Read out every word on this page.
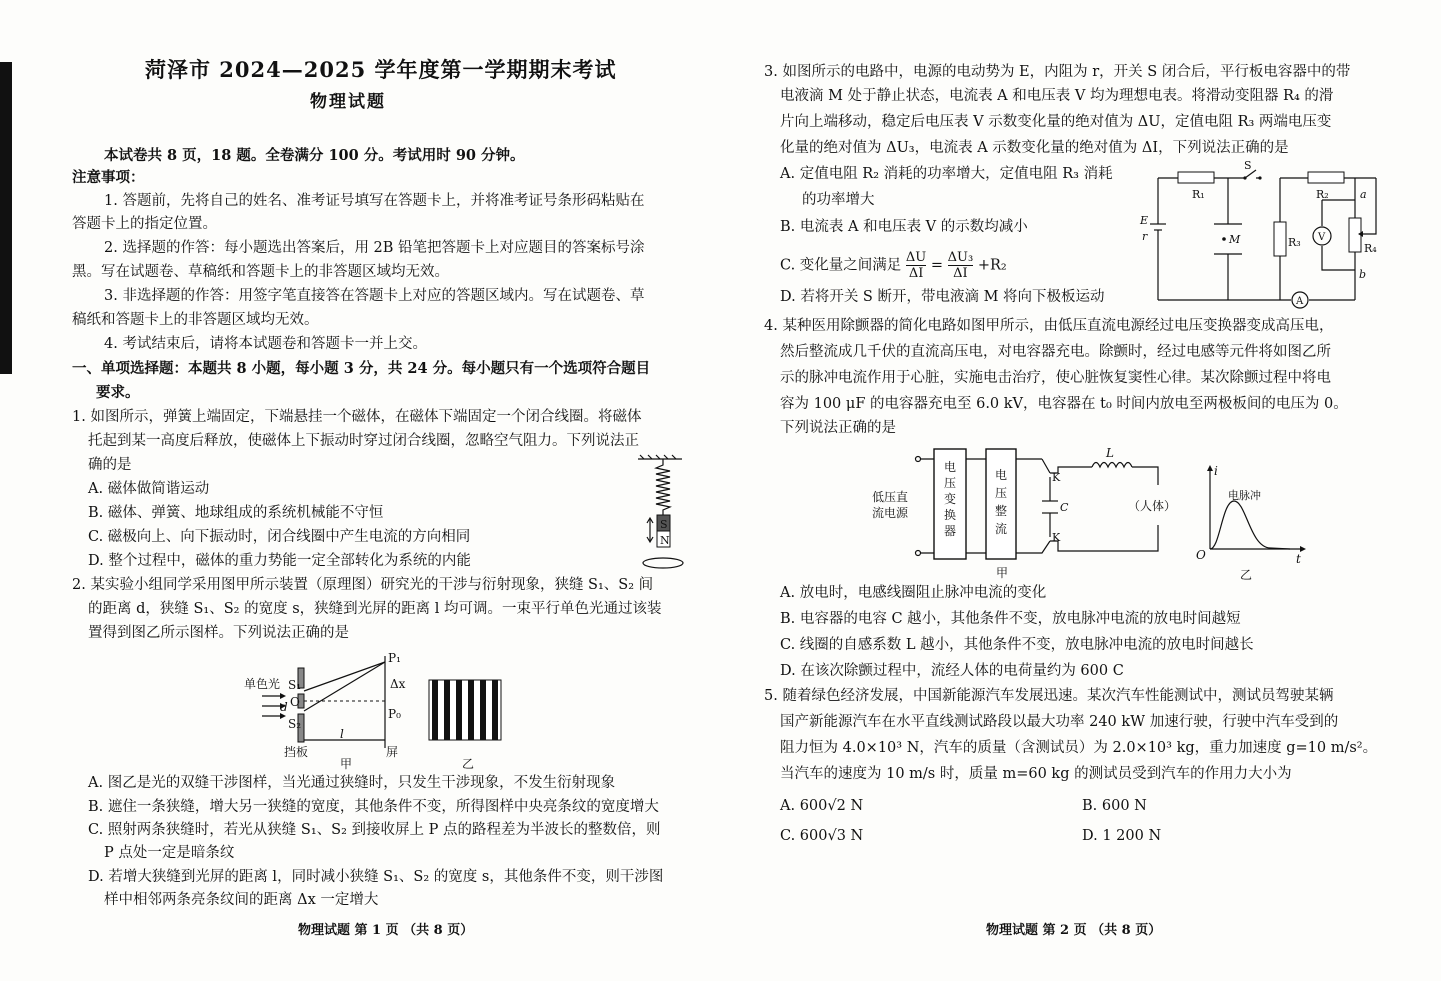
菏泽市 2024—2025 学年度第一学期期末考试
物理试题
本试卷共 8 页，18 题。全卷满分 100 分。考试用时 90 分钟。
注意事项：
1. 答题前，先将自己的姓名、准考证号填写在答题卡上，并将准考证号条形码粘贴在
答题卡上的指定位置。
2. 选择题的作答：每小题选出答案后，用 2B 铅笔把答题卡上对应题目的答案标号涂
黑。写在试题卷、草稿纸和答题卡上的非答题区域均无效。
3. 非选择题的作答：用签字笔直接答在答题卡上对应的答题区域内。写在试题卷、草
稿纸和答题卡上的非答题区域均无效。
4. 考试结束后，请将本试题卷和答题卡一并上交。
一、单项选择题：本题共 8 小题，每小题 3 分，共 24 分。每小题只有一个选项符合题目
要求。
1. 如图所示，弹簧上端固定，下端悬挂一个磁体，在磁体下端固定一个闭合线圈。将磁体
托起到某一高度后释放，使磁体上下振动时穿过闭合线圈，忽略空气阻力。下列说法正
确的是
A. 磁体做简谐运动
B. 磁体、弹簧、地球组成的系统机械能不守恒
C. 磁极向上、向下振动时，闭合线圈中产生电流的方向相同
D. 整个过程中，磁体的重力势能一定全部转化为系统的内能
S
N
2. 某实验小组同学采用图甲所示装置（原理图）研究光的干涉与衍射现象，狭缝 S₁、S₂ 间
的距离 d，狭缝 S₁、S₂ 的宽度 s，狭缝到光屏的距离 l 均可调。一束平行单色光通过该装
置得到图乙所示图样。下列说法正确的是
单色光 S₁
O
d
S₂
P₁
Δx
P₀
l
挡板	屏
甲	乙
A. 图乙是光的双缝干涉图样，当光通过狭缝时，只发生干涉现象，不发生衍射现象
B. 遮住一条狭缝，增大另一狭缝的宽度，其他条件不变，所得图样中央亮条纹的宽度增大
C. 照射两条狭缝时，若光从狭缝 S₁、S₂ 到接收屏上 P 点的路程差为半波长的整数倍，则
P 点处一定是暗条纹
D. 若增大狭缝到光屏的距离 l，同时减小狭缝 S₁、S₂ 的宽度 s，其他条件不变，则干涉图
样中相邻两条亮条纹间的距离 Δx 一定增大
物理试题 第 1 页 （共 8 页）
3. 如图所示的电路中，电源的电动势为 E，内阻为 r，开关 S 闭合后，平行板电容器中的带
电液滴 M 处于静止状态，电流表 A 和电压表 V 均为理想电表。将滑动变阻器 R₄ 的滑
片向上端移动，稳定后电压表 V 示数变化量的绝对值为 ΔU，定值电阻 R₃ 两端电压变
化量的绝对值为 ΔU₃，电流表 A 示数变化量的绝对值为 ΔI，下列说法正确的是
A. 定值电阻 R₂ 消耗的功率增大，定值电阻 R₃ 消耗
的功率增大
B. 电流表 A 和电压表 V 的示数均减小
C. 变化量之间满足 $\frac{\Delta U}{\Delta I} = \frac{\text{ΔU₃}}{\Delta I} +R_2$
D. 若将开关 S 断开，带电液滴 M 将向下极板运动
R₁
S
R₂
E
r	M	R₃ V
a
R₄
b
A
4. 某种医用除颤器的简化电路如图甲所示，由低压直流电源经过电压变换器变成高压电，
然后整流成几千伏的直流高压电，对电容器充电。除颤时，经过电感等元件将如图乙所
示的脉冲电流作用于心脏，实施电击治疗，使心脏恢复窦性心律。某次除颤过程中将电
容为 100 μF 的电容器充电至 6.0 kV，电容器在 t₀ 时间内放电至两极板间的电压为 0。
下列说法正确的是
低压直
流电源
电压变换器
电压整流
K
C
K
L
（人体）
甲
i
电脉冲
O	t
乙
A. 放电时，电感线圈阻止脉冲电流的变化
B. 电容器的电容 C 越小，其他条件不变，放电脉冲电流的放电时间越短
C. 线圈的自感系数 L 越小，其他条件不变，放电脉冲电流的放电时间越长
D. 在该次除颤过程中，流经人体的电荷量约为 600 C
5. 随着绿色经济发展，中国新能源汽车发展迅速。某次汽车性能测试中，测试员驾驶某辆
国产新能源汽车在水平直线测试路段以最大功率 240 kW 加速行驶，行驶中汽车受到的
阻力恒为 4.0×10³ N，汽车的质量（含测试员）为 2.0×10³ kg，重力加速度 g=10 m/s²。
当汽车的速度为 10 m/s 时，质量 m=60 kg 的测试员受到汽车的作用力大小为
A. 600√2 N	B. 600 N
C. 600√3 N	D. 1 200 N
物理试题 第 2 页 （共 8 页）
